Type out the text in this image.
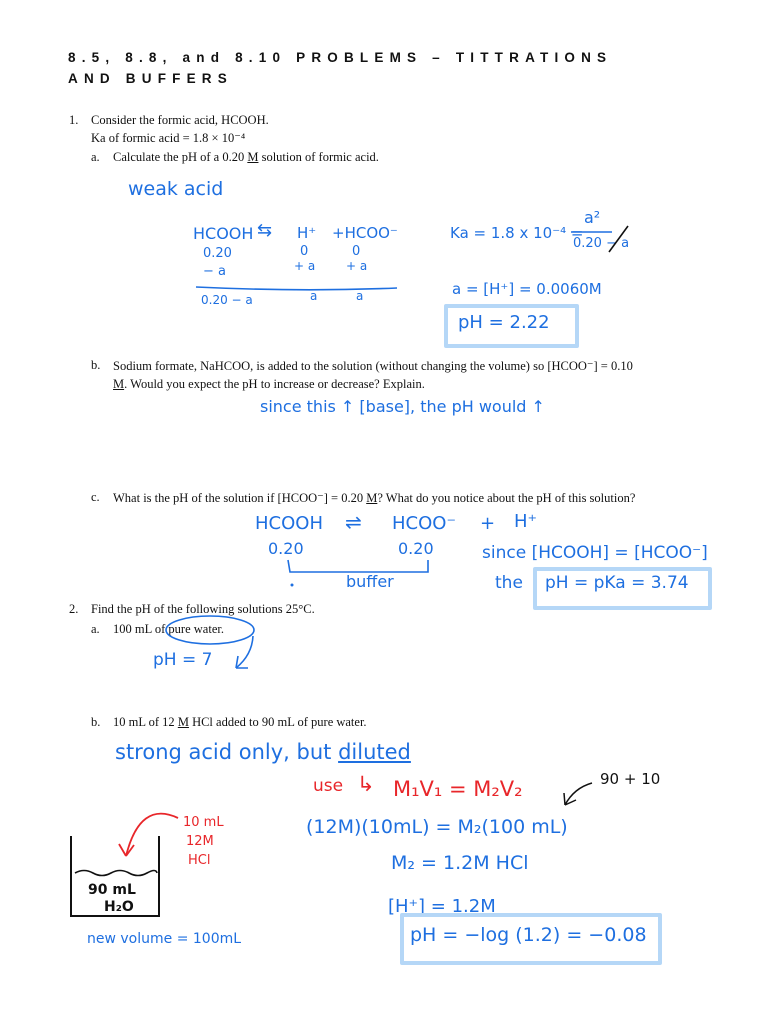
8.5, 8.8, and 8.10 PROBLEMS – TITTRATIONS
AND BUFFERS
1. Consider the formic acid, HCOOH.
Ka of formic acid = 1.8 × 10⁻⁴
a. Calculate the pH of a 0.20 M solution of formic acid.
weak acid
HCOOH ⇆ H⁺ +HCOO⁻
0.20	0	0
− a	+ a	+ a
0.20 − a	a	a
Ka = 1.8 x 10⁻⁴ =
a²
0.20 − a
a = [H⁺] = 0.0060M
pH = 2.22
b. Sodium formate, NaHCOO, is added to the solution (without changing the volume) so [HCOO⁻] = 0.10
M. Would you expect the pH to increase or decrease? Explain.
since this ↑ [base], the pH would ↑
c. What is the pH of the solution if [HCOO⁻] = 0.20 M? What do you notice about the pH of this solution?
HCOOH ⇌ HCOO⁻ + H⁺
0.20	0.20
buffer
since [HCOOH] = [HCOO⁻]
the pH = pKa = 3.74
2. Find the pH of the following solutions 25°C.
a. 100 mL of pure water.
pH = 7
b. 10 mL of 12 M HCl added to 90 mL of pure water.
strong acid only, but diluted
use ↳ M₁V₁ = M₂V₂	90 + 10
10 mL
12M
HCl
90 mL
H₂O
new volume = 100mL
(12M)(10mL) = M₂(100 mL)
M₂ = 1.2M HCl
[H⁺] = 1.2M
pH = −log (1.2) = −0.08
